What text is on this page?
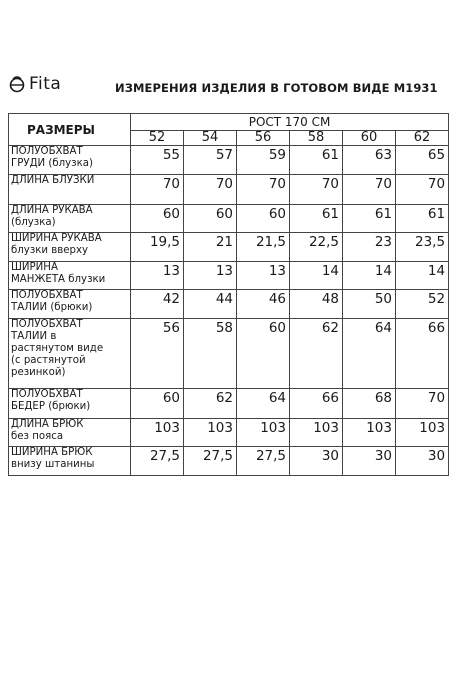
Fita	ИЗМЕРЕНИЯ ИЗДЕЛИЯ В ГОТОВОМ ВИДЕ М1931
РАЗМЕРЫ	РОСТ 170 СМ					
	52	54	56	58	60	62

ПОЛУОБХВАТ
ГРУДИ (блузка)	55	57	59	61	63	65

ДЛИНА БЛУЗКИ	70	70	70	70	70	70

ДЛИНА РУКАВА
(блузка)	60	60	60	61	61	61

ШИРИНА РУКАВА
блузки вверху	19,5	21	21,5	22,5	23	23,5

ШИРИНА
МАНЖЕТА блузки	13	13	13	14	14	14

ПОЛУОБХВАТ
ТАЛИИ (брюки)	42	44	46	48	50	52

ПОЛУОБХВАТ
ТАЛИИ в
растянутом виде
(с растянутой
резинкой)	56	58	60	62	64	66

ПОЛУОБХВАТ
БЕДЕР (брюки)	60	62	64	66	68	70

ДЛИНА БРЮК
без пояса	103	103	103	103	103	103

ШИРИНА БРЮК
внизу штанины	27,5	27,5	27,5	30	30	30
